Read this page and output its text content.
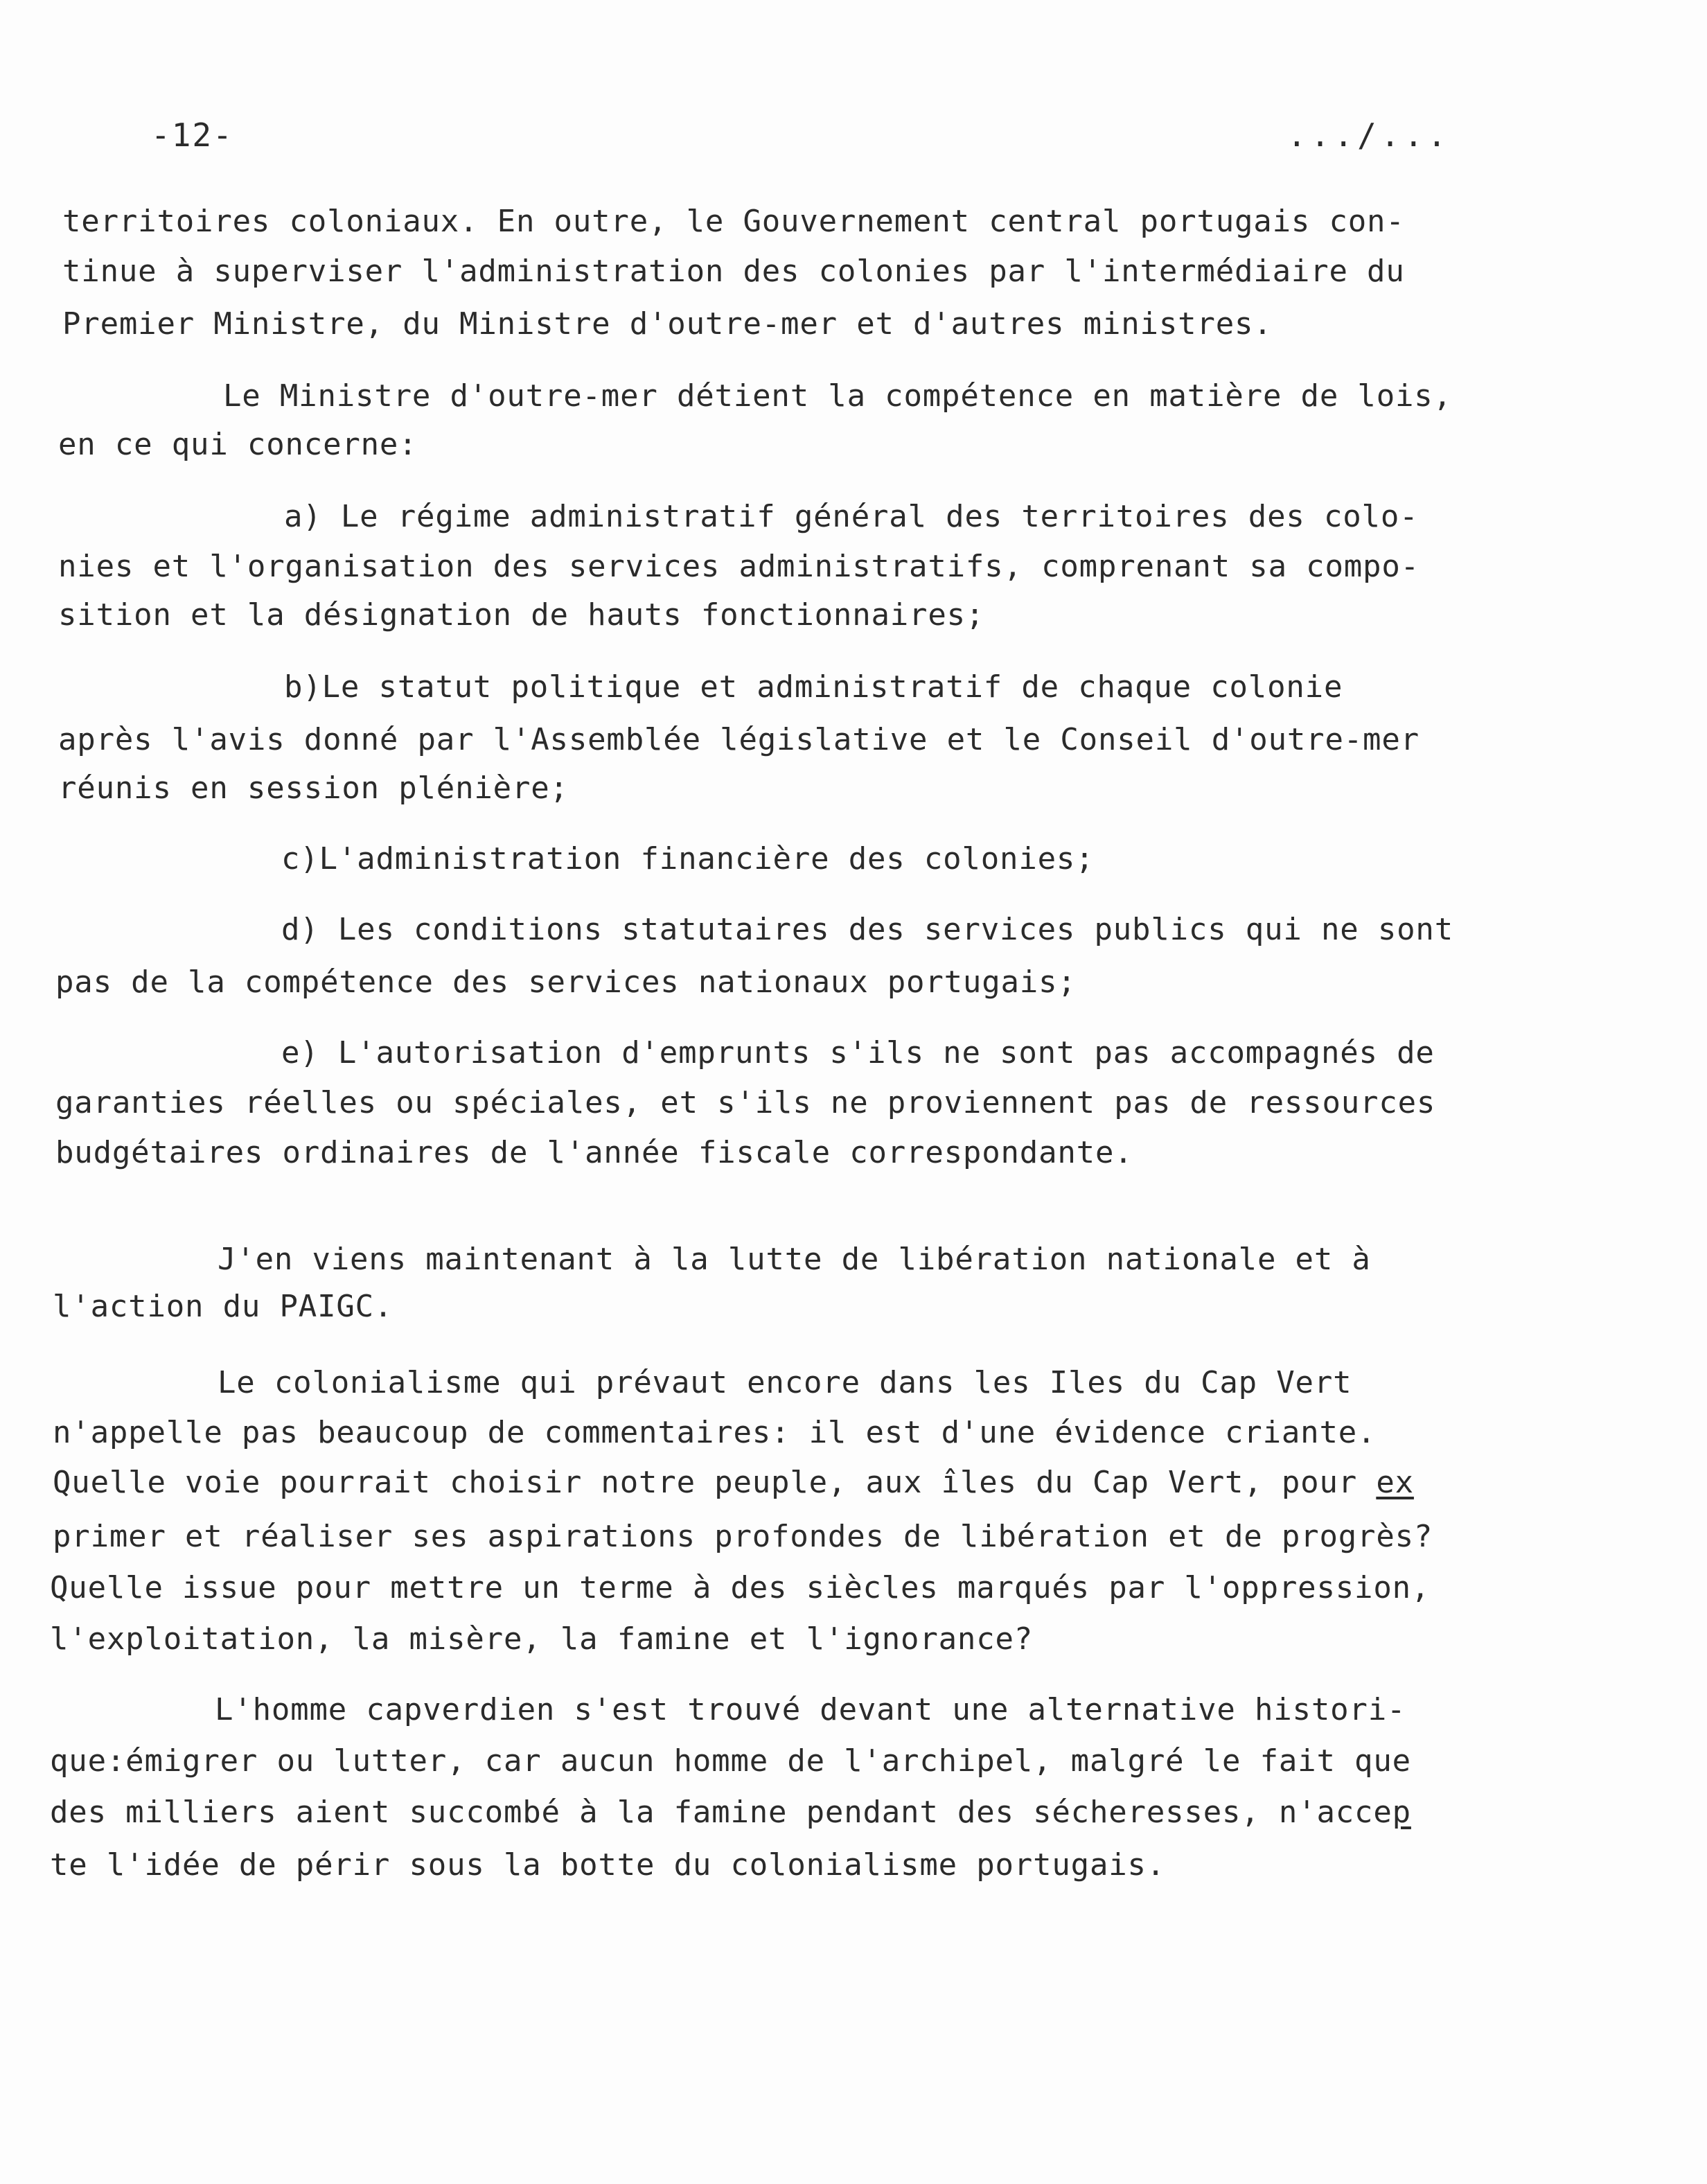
-12-	.../...
territoires coloniaux. En outre, le Gouvernement central portugais con-
tinue à superviser l'administration des colonies par l'intermédiaire du
Premier Ministre, du Ministre d'outre-mer et d'autres ministres.
Le Ministre d'outre-mer détient la compétence en matière de lois,
en ce qui concerne:
a) Le régime administratif général des territoires des colo-
nies et l'organisation des services administratifs, comprenant sa compo-
sition et la désignation de hauts fonctionnaires;
b)Le statut politique et administratif de chaque colonie
après l'avis donné par l'Assemblée législative et le Conseil d'outre-mer
réunis en session plénière;
c)L'administration financière des colonies;
d) Les conditions statutaires des services publics qui ne sont
pas de la compétence des services nationaux portugais;
e) L'autorisation d'emprunts s'ils ne sont pas accompagnés de
garanties réelles ou spéciales, et s'ils ne proviennent pas de ressources
budgétaires ordinaires de l'année fiscale correspondante.
J'en viens maintenant à la lutte de libération nationale et à
l'action du PAIGC.
Le colonialisme qui prévaut encore dans les Iles du Cap Vert
n'appelle pas beaucoup de commentaires: il est d'une évidence criante.
Quelle voie pourrait choisir notre peuple, aux îles du Cap Vert, pour ex
primer et réaliser ses aspirations profondes de libération et de progrès?
Quelle issue pour mettre un terme à des siècles marqués par l'oppression,
l'exploitation, la misère, la famine et l'ignorance?
L'homme capverdien s'est trouvé devant une alternative histori-
que:émigrer ou lutter, car aucun homme de l'archipel, malgré le fait que
des milliers aient succombé à la famine pendant des sécheresses, n'accep
te l'idée de périr sous la botte du colonialisme portugais.
